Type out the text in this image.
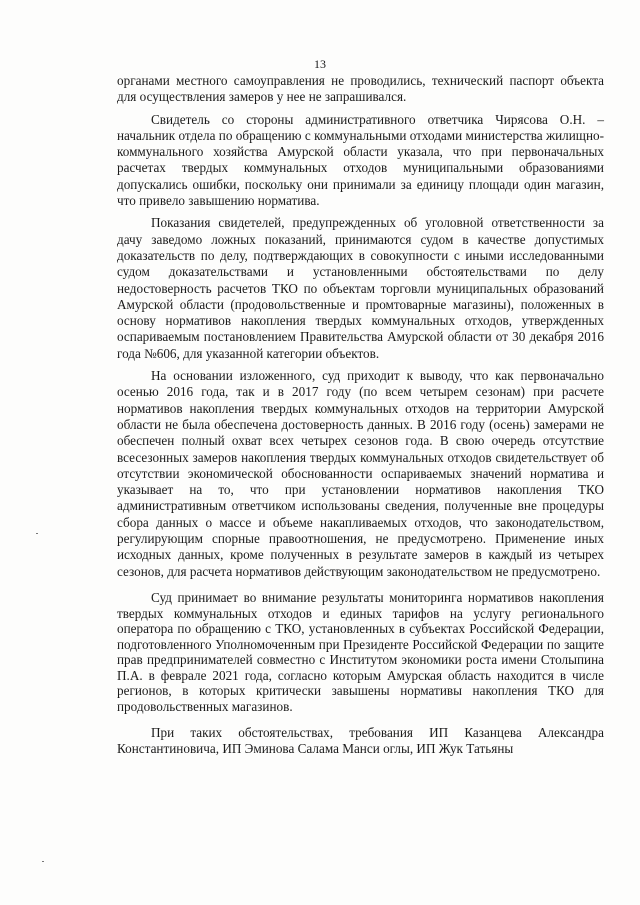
13

органами местного самоуправления не проводились, технический паспорт объекта для осуществления замеров у нее не запрашивался.

Свидетель со стороны административного ответчика Чирясова О.Н. – начальник отдела по обращению с коммунальными отходами министерства жилищно-коммунального хозяйства Амурской области указала, что при первоначальных расчетах твердых коммунальных отходов муниципальными образованиями допускались ошибки, поскольку они принимали за единицу площади один магазин, что привело завышению норматива.

Показания свидетелей, предупрежденных об уголовной ответственности за дачу заведомо ложных показаний, принимаются судом в качестве допустимых доказательств по делу, подтверждающих в совокупности с иными исследованными судом доказательствами и установленными обстоятельствами по делу недостоверность расчетов ТКО по объектам торговли муниципальных образований Амурской области (продовольственные и промтоварные магазины), положенных в основу нормативов накопления твердых коммунальных отходов, утвержденных оспариваемым постановлением Правительства Амурской области от 30 декабря 2016 года №606, для указанной категории объектов.

На основании изложенного, суд приходит к выводу, что как первоначально осенью 2016 года, так и в 2017 году (по всем четырем сезонам) при расчете нормативов накопления твердых коммунальных отходов на территории Амурской области не была обеспечена достоверность данных. В 2016 году (осень) замерами не обеспечен полный охват всех четырех сезонов года. В свою очередь отсутствие всесезонных замеров накопления твердых коммунальных отходов свидетельствует об отсутствии экономической обоснованности оспариваемых значений норматива и указывает на то, что при установлении нормативов накопления ТКО административным ответчиком использованы сведения, полученные вне процедуры сбора данных о массе и объеме накапливаемых отходов, что законодательством, регулирующим спорные правоотношения, не предусмотрено. Применение иных исходных данных, кроме полученных в результате замеров в каждый из четырех сезонов, для расчета нормативов действующим законодательством не предусмотрено.

Суд принимает во внимание результаты мониторинга нормативов накопления твердых коммунальных отходов и единых тарифов на услугу регионального оператора по обращению с ТКО, установленных в субъектах Российской Федерации, подготовленного Уполномоченным при Президенте Российской Федерации по защите прав предпринимателей совместно с Институтом экономики роста имени Столыпина П.А. в феврале 2021 года, согласно которым Амурская область находится в числе регионов, в которых критически завышены нормативы накопления ТКО для продовольственных магазинов.

При таких обстоятельствах, требования ИП Казанцева Александра Константиновича, ИП Эминова Салама Манси оглы, ИП Жук Татьяны
